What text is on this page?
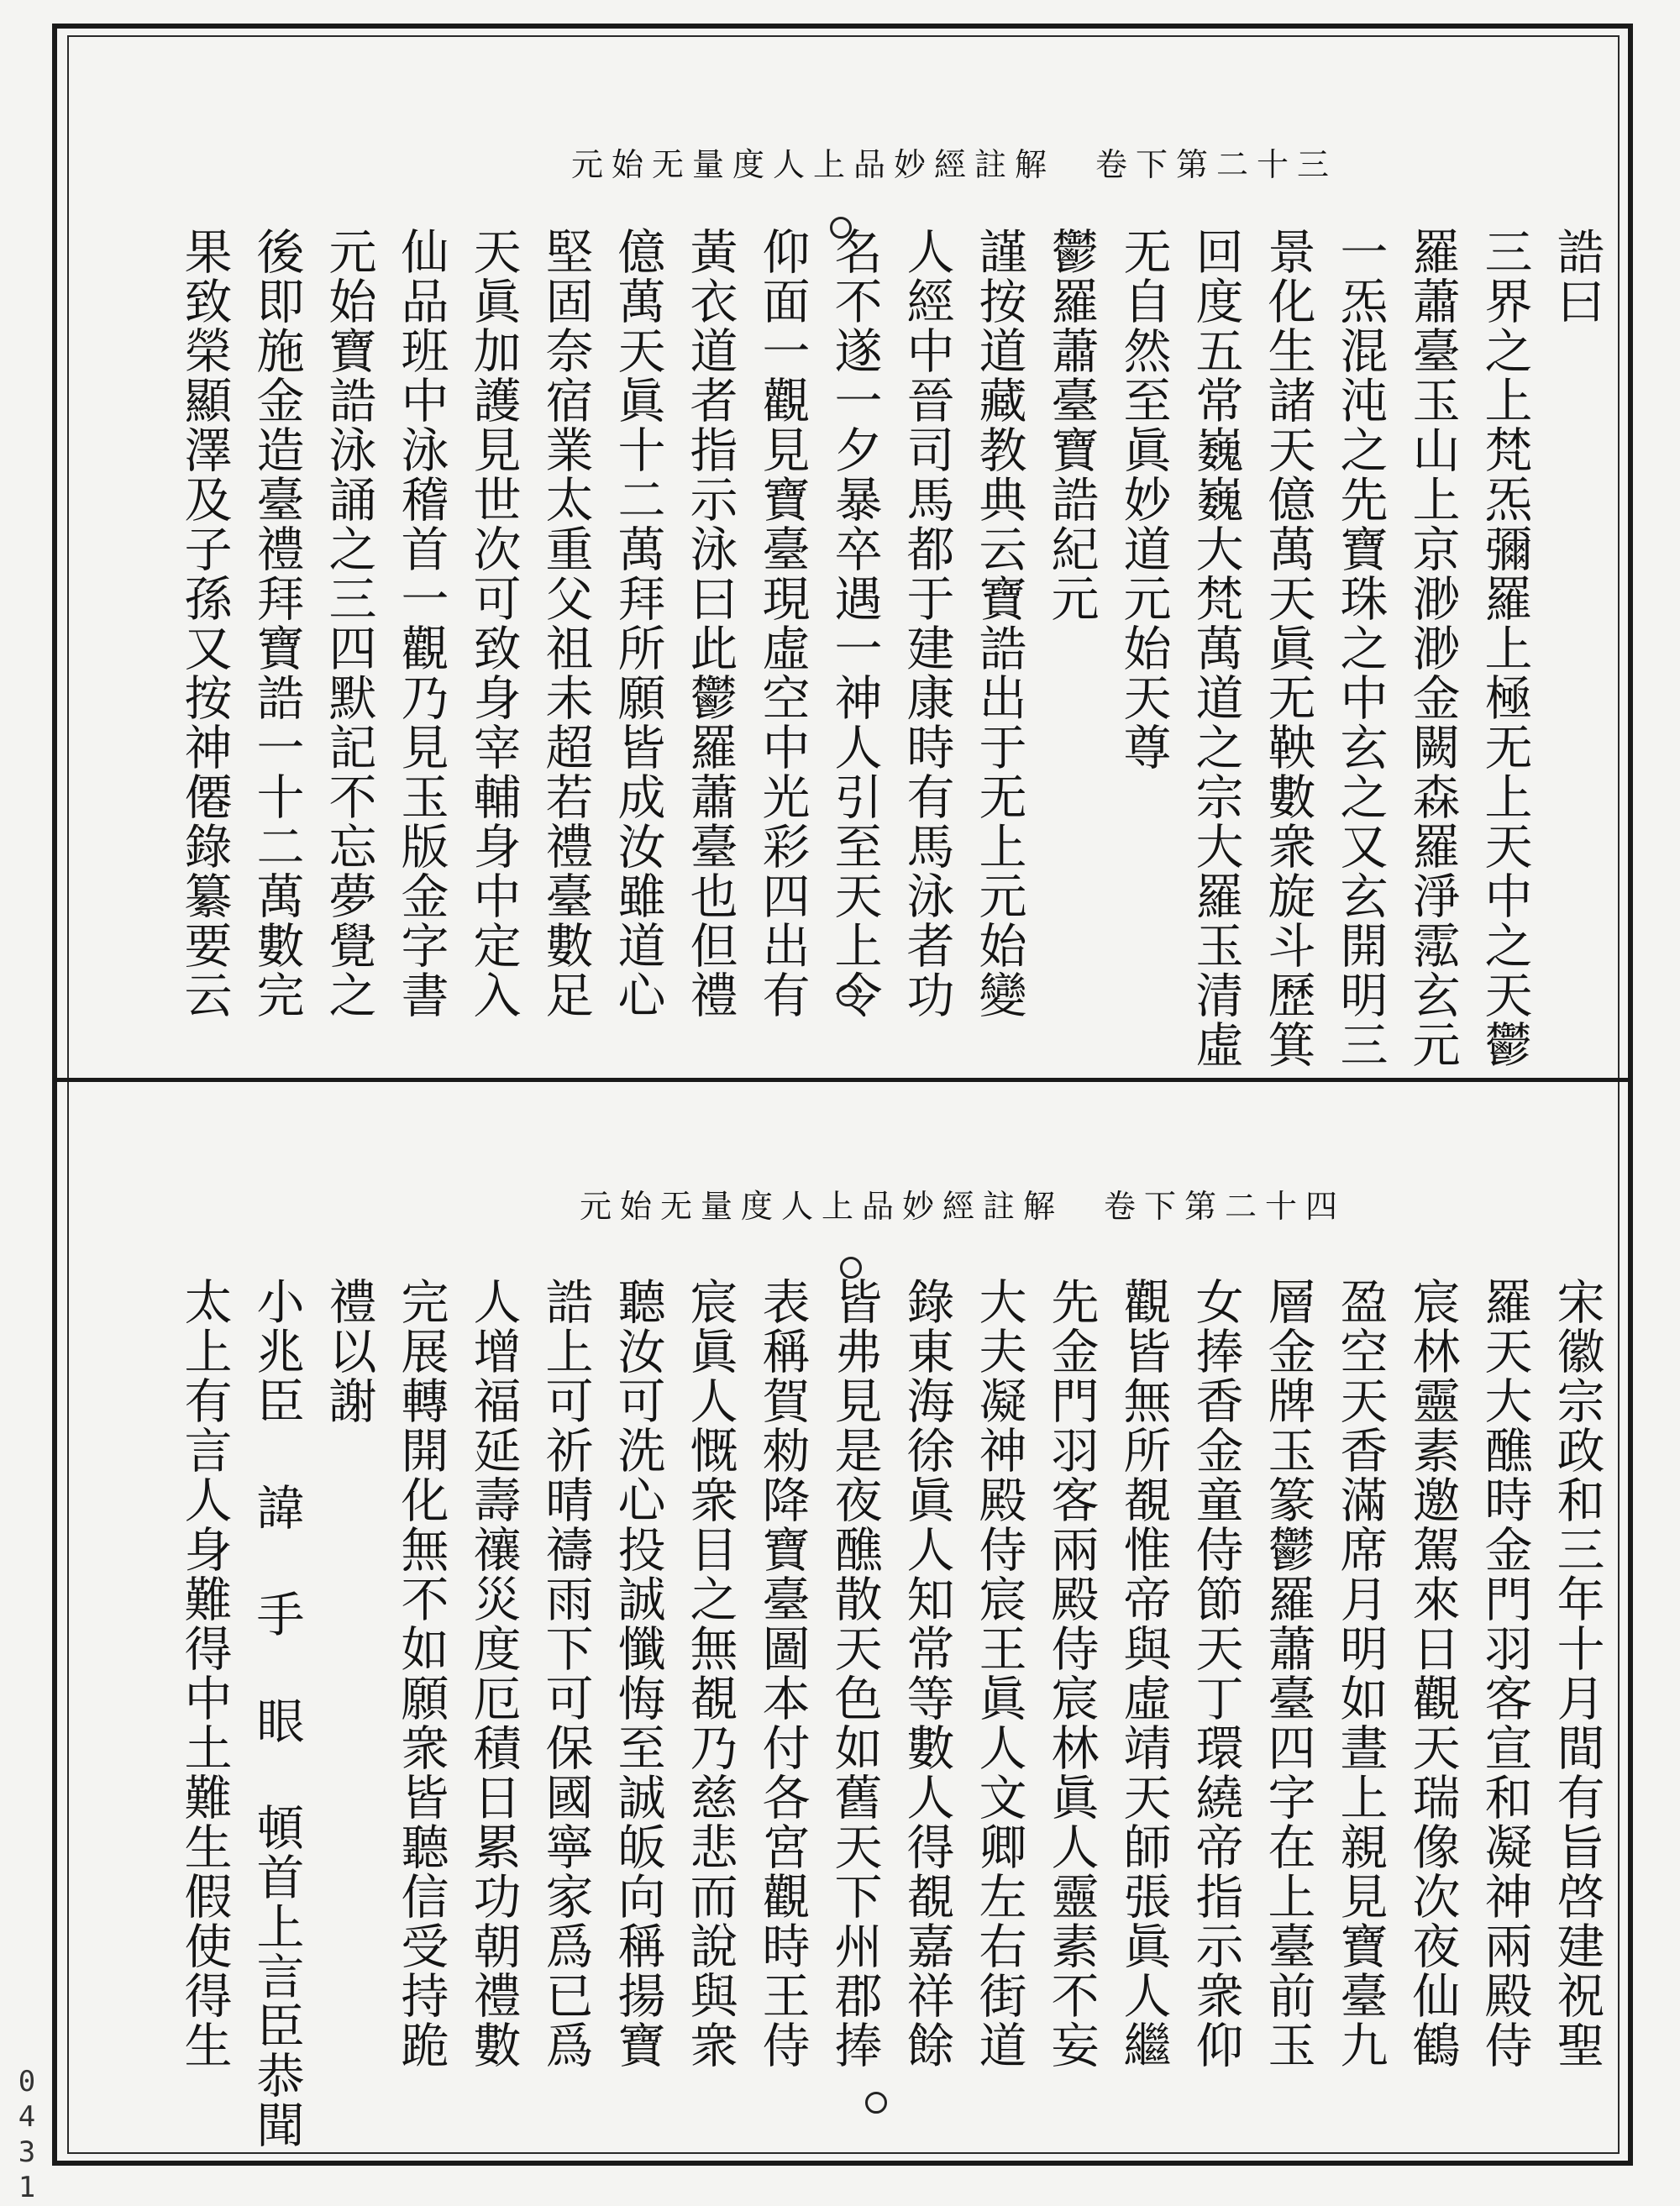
元始无量度人上品妙經註解　卷下第二十三
元始无量度人上品妙經註解　卷下第二十四
誥曰
三界之上梵炁彌羅上極无上天中之天鬱
羅蕭臺玉山上京渺渺金闕森羅淨霐玄元
一炁混沌之先寶珠之中玄之又玄開明三
景化生諸天億萬天眞无鞅數衆旋斗歷箕
回度五常巍巍大梵萬道之宗大羅玉清虛
无自然至眞妙道元始天尊
鬱羅蕭臺寶誥紀元
謹按道藏教典云寶誥出于无上元始變
人經中晉司馬都于建康時有馬泳者功
名不遂一夕暴卒遇一神人引至天上令
仰面一觀見寶臺現虛空中光彩四出有
黃衣道者指示泳曰此鬱羅蕭臺也但禮
億萬天眞十二萬拜所願皆成汝雖道心
堅固奈宿業太重父祖未超若禮臺數足
天眞加護見世次可致身宰輔身中定入
仙品班中泳稽首一觀乃見玉版金字書
元始寶誥泳誦之三四默記不忘夢覺之
後即施金造臺禮拜寶誥一十二萬數完
果致榮顯澤及子孫又按神僊錄纂要云
宋徽宗政和三年十月間有旨啓建祝聖
羅天大醮時金門羽客宣和凝神兩殿侍
宸林靈素邀駕來日觀天瑞像次夜仙鶴
盈空天香滿席月明如晝上親見寶臺九
層金牌玉篆鬱羅蕭臺四字在上臺前玉
女捧香金童侍節天丁環繞帝指示衆仰
觀皆無所覩惟帝與虛靖天師張眞人繼
先金門羽客兩殿侍宸林眞人靈素不妄
大夫凝神殿侍宸王眞人文卿左右街道
錄東海徐眞人知常等數人得覩嘉祥餘
皆弗見是夜醮散天色如舊天下州郡捧
表稱賀勑降寶臺圖本付各宮觀時王侍
宸眞人慨衆目之無覩乃慈悲而說與衆
聽汝可洗心投誠懺悔至誠皈向稱揚寶
誥上可祈晴禱雨下可保國寧家爲已爲
人增福延壽禳災度厄積日累功朝禮數
完展轉開化無不如願衆皆聽信受持跪
禮以謝
小兆臣 諱 手 眼 頓首上言臣恭聞
太上有言人身難得中土難生假使得生
0431
